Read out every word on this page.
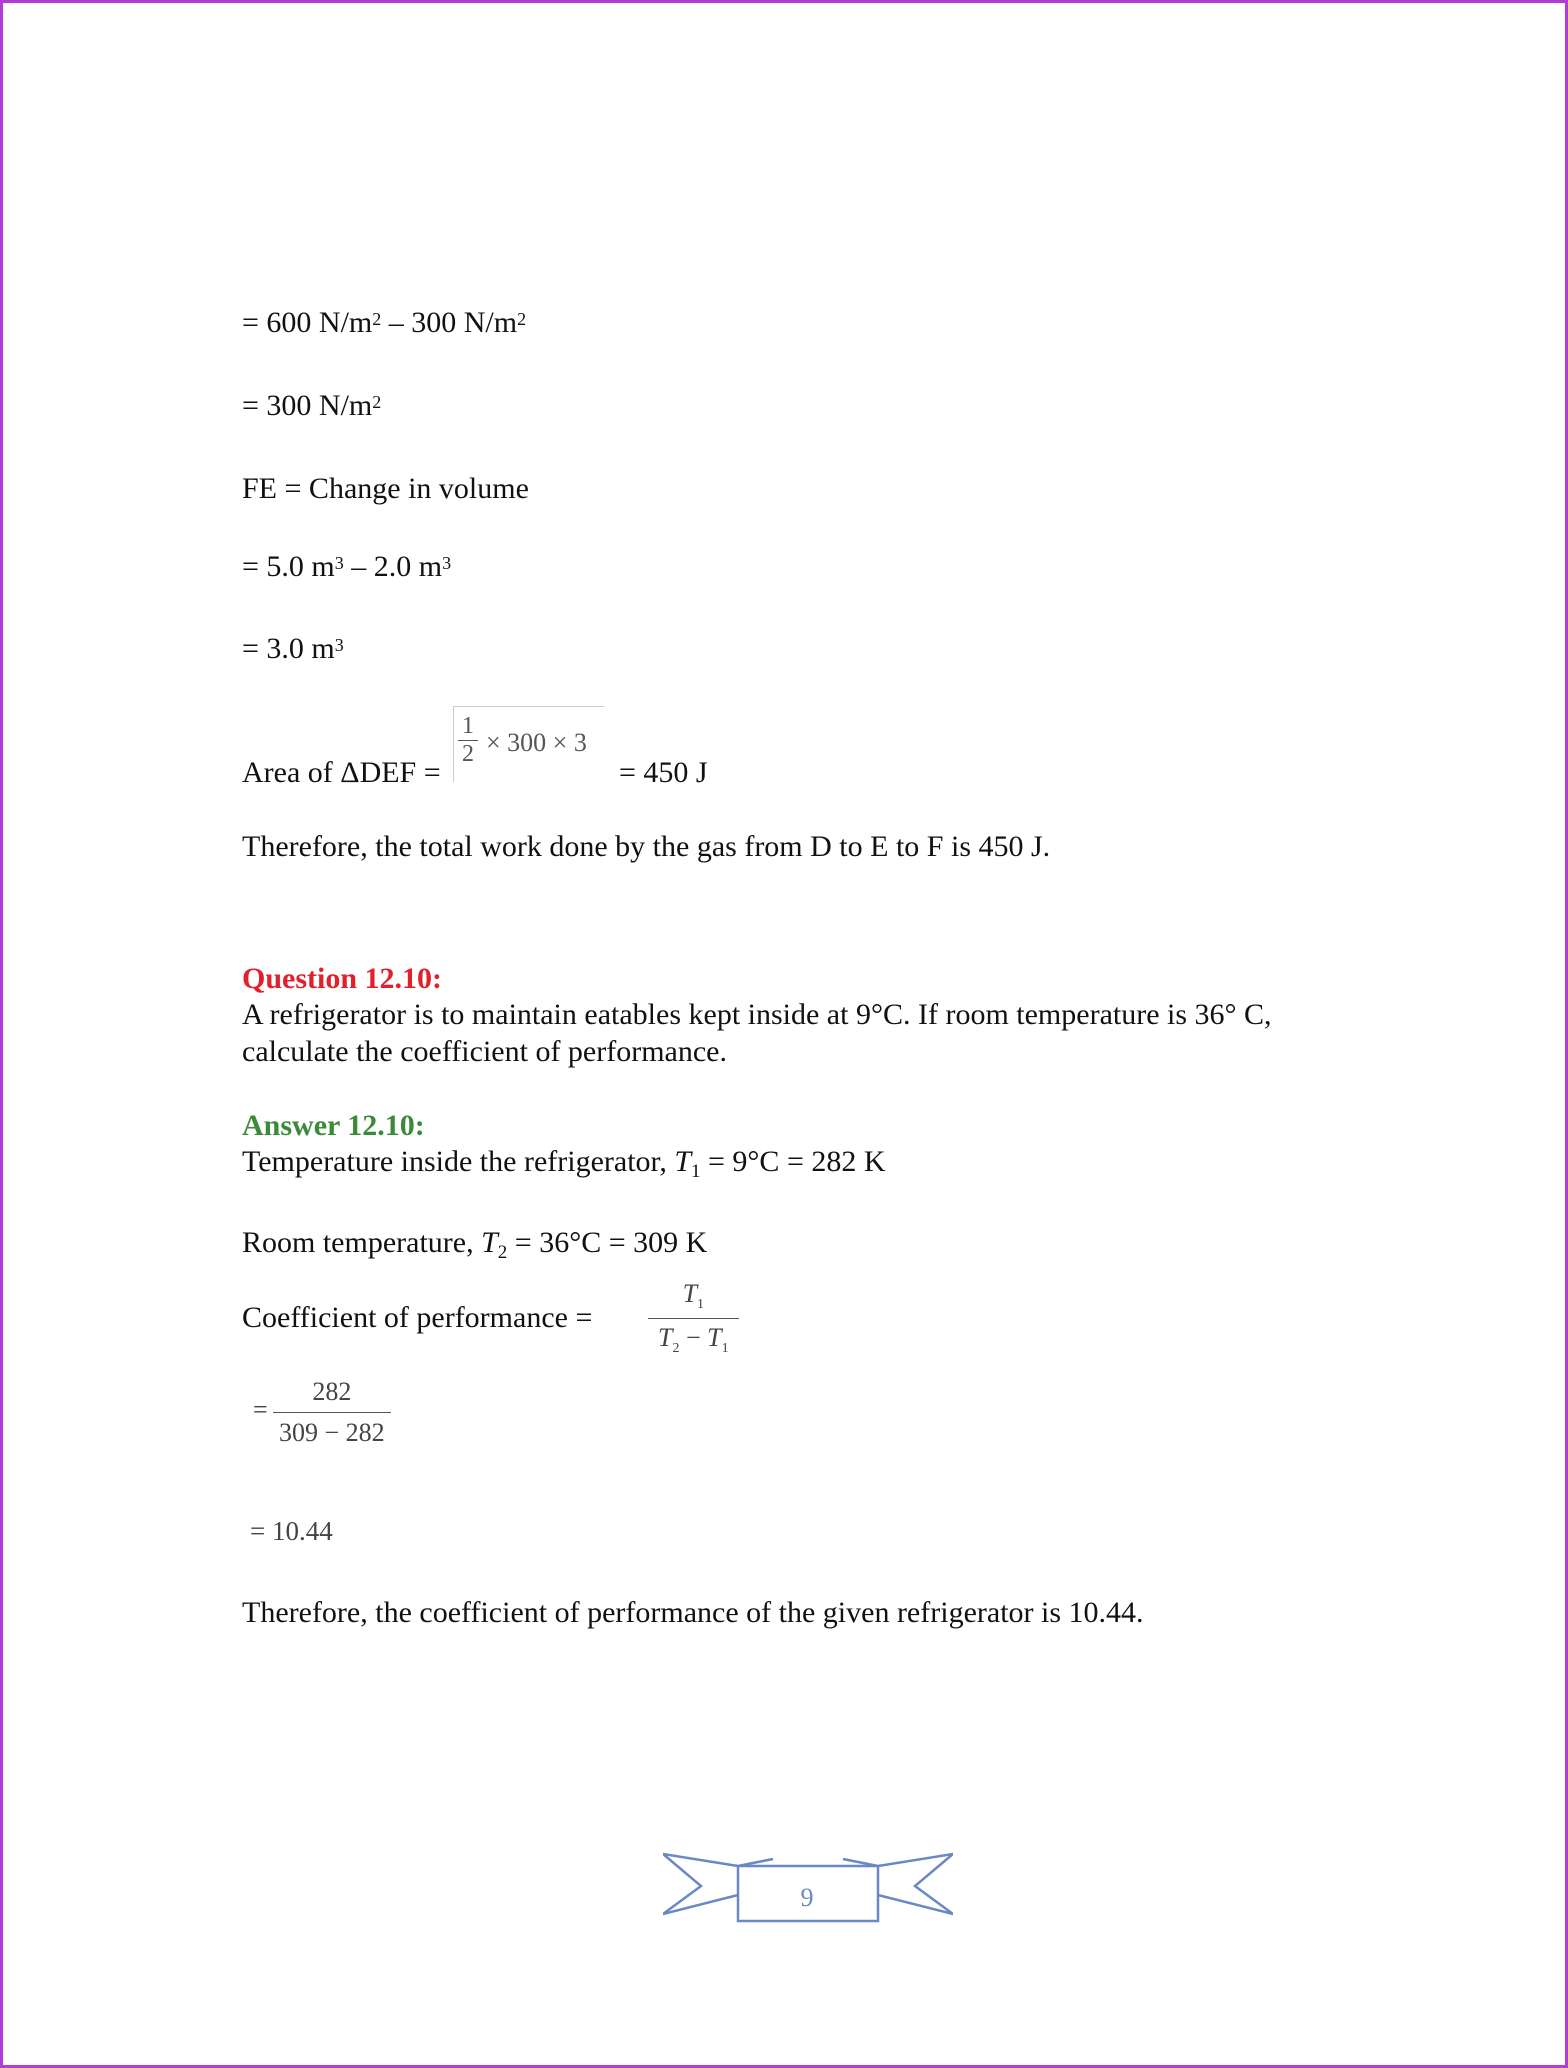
= 600 $N/m^2 - 300$ $N/m^2$
= 300 $N/m^2$
FE = Change in volume
= 5.0 $m^3 - 2.0$ $m^3$
= 3.0 $m^3$
Area of ΔDEF =
$\frac{1}{2} \times 300 \times 3$
= 450 J
Therefore, the total work done by the gas from D to E to F is 450 J.
Question 12.10:
A refrigerator is to maintain eatables kept inside at 9°C. If room temperature is 36° C,
calculate the coefficient of performance.
Answer 12.10:
Temperature inside the refrigerator, $T_1 = 9^\circ C = 282$ K
Room temperature, $T_2 = 36^\circ C = 309$ K
Coefficient of performance = $\frac{T_1}{T_2 - T_1}$
= $\frac{282}{309 - 282}$
= 10.44
Therefore, the coefficient of performance of the given refrigerator is 10.44.
9
